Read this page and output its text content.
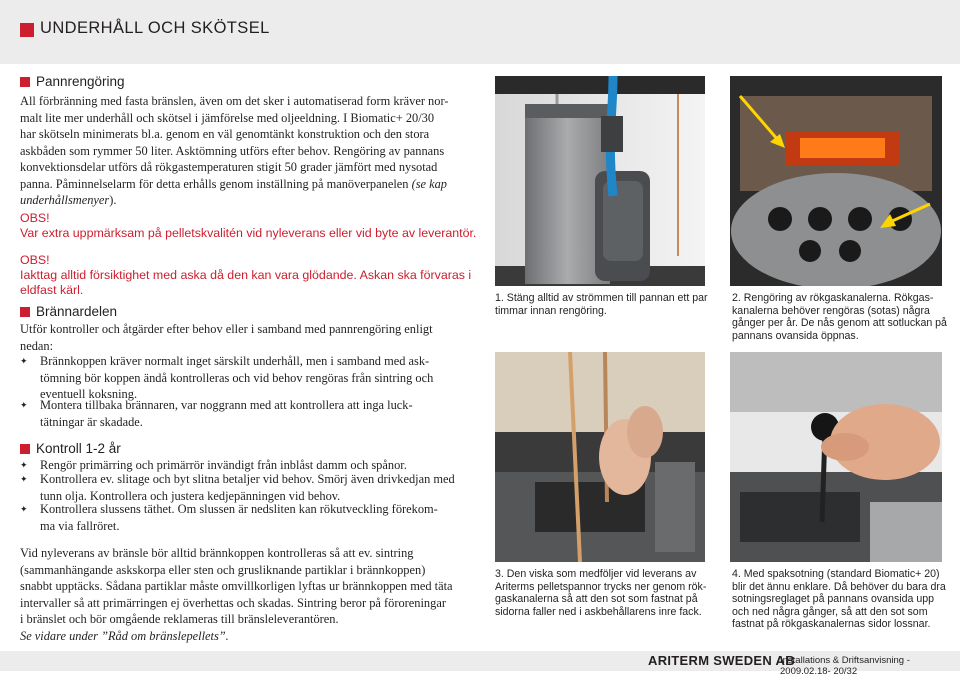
UNDERHÅLL OCH SKÖTSEL
Pannrengöring
All förbränning med fasta bränslen, även om det sker i automatiserad form kräver nor-
malt lite mer underhåll och skötsel i jämförelse med oljeeldning. I Biomatic+ 20/30
har skötseln minimerats bl.a. genom en väl genomtänkt konstruktion och den stora
askbåden som rymmer 50 liter. Asktömning utförs efter behov. Rengöring av pannans
konvektionsdelar utförs då rökgastemperaturen stigit 50 grader jämfört med nysotad
panna. Påminnelselarm för detta erhålls genom inställning på manöverpanelen (se kap
underhållsmenyer).
OBS!
Var extra uppmärksam på pelletskvalitén vid nyleverans eller vid byte av leverantör.
OBS!
Iakttag alltid försiktighet med aska då den kan vara glödande. Askan ska förvaras i
eldfast kärl.
Brännardelen
Utför kontroller och åtgärder efter behov eller i samband med pannrengöring enligt
nedan:
✦	Brännkoppen kräver normalt inget särskilt underhåll, men i samband med ask-
tömning bör koppen ändå kontrolleras och vid behov rengöras från sintring och
eventuell koksning.
✦	Montera tillbaka brännaren, var noggrann med att kontrollera att inga luck-
tätningar är skadade.
Kontroll 1-2 år
✦	Rengör primärring och primärrör invändigt från inblåst damm och spånor.
✦	Kontrollera ev. slitage och byt slitna betaljer vid behov. Smörj även drivkedjan med
tunn olja. Kontrollera och justera kedjepänningen vid behov.
✦	Kontrollera slussens täthet. Om slussen är nedsliten kan rökutveckling förekom-
ma via fallröret.
Vid nyleverans av bränsle bör alltid brännkoppen kontrolleras så att ev. sintring
(sammanhängande askskorpa eller sten och grusliknande partiklar i brännkoppen)
snabbt upptäcks. Sådana partiklar måste omvillkorligen lyftas ur brännkoppen med täta
intervaller så att primärringen ej överhettas och skadas. Sintring beror på föroreningar
i bränslet och bör omgående reklameras till bränsleleverantören.
Se vidare under ”Råd om bränslepellets”.
1. Stäng alltid av strömmen till pannan ett par
timmar innan rengöring.
2. Rengöring av rökgaskanalerna. Rökgas-
kanalerna behöver rengöras (sotas) några
gånger per år. De nås genom att sotluckan på
pannans ovansida öppnas.
3. Den viska som medföljer vid leverans av
Ariterms pelletspannor trycks ner genom rök-
gaskanalerna så att den sot som fastnat på
sidorna faller ned i askbehållarens inre fack.
4. Med spaksotning (standard Biomatic+ 20)
blir det ännu enklare. Då behöver du bara dra
sotningsreglaget på pannans ovansida upp
och ned några gånger, så att den sot som
fastnat på rökgaskanalernas sidor lossnar.
ARITERM SWEDEN AB
Installations & Driftsanvisning - 2009.02.18- 20/32
